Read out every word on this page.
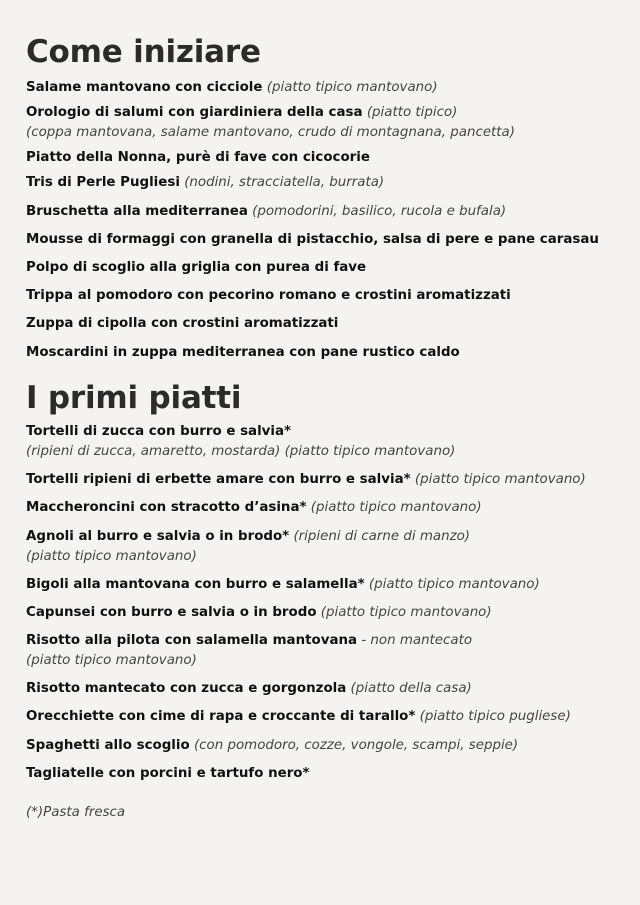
Come iniziare
Salame mantovano con cicciole (piatto tipico mantovano)
Orologio di salumi con giardiniera della casa (piatto tipico)
(coppa mantovana, salame mantovano, crudo di montagnana, pancetta)
Piatto della Nonna, purè di fave con cicocorie
Tris di Perle Pugliesi (nodini, stracciatella, burrata)
Bruschetta alla mediterranea (pomodorini, basilico, rucola e bufala)
Mousse di formaggi con granella di pistacchio, salsa di pere e pane carasau
Polpo di scoglio alla griglia con purea di fave
Trippa al pomodoro con pecorino romano e crostini aromatizzati
Zuppa di cipolla con crostini aromatizzati
Moscardini in zuppa mediterranea con pane rustico caldo
I primi piatti
Tortelli di zucca con burro e salvia*
(ripieni di zucca, amaretto, mostarda) (piatto tipico mantovano)
Tortelli ripieni di erbette amare con burro e salvia* (piatto tipico mantovano)
Maccheroncini con stracotto d’asina* (piatto tipico mantovano)
Agnoli al burro e salvia o in brodo* (ripieni di carne di manzo)
(piatto tipico mantovano)
Bigoli alla mantovana con burro e salamella* (piatto tipico mantovano)
Capunsei con burro e salvia o in brodo (piatto tipico mantovano)
Risotto alla pilota con salamella mantovana - non mantecato
(piatto tipico mantovano)
Risotto mantecato con zucca e gorgonzola (piatto della casa)
Orecchiette con cime di rapa e croccante di tarallo* (piatto tipico pugliese)
Spaghetti allo scoglio (con pomodoro, cozze, vongole, scampi, seppie)
Tagliatelle con porcini e tartufo nero*
(*)Pasta fresca
